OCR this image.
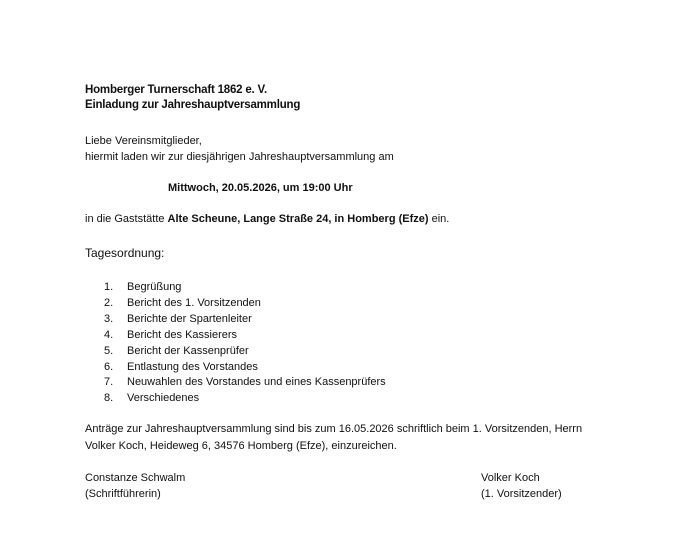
Homberger Turnerschaft 1862 e. V.
Einladung zur Jahreshauptversammlung
Liebe Vereinsmitglieder,
hiermit laden wir zur diesjährigen Jahreshauptversammlung am
Mittwoch, 20.05.2026, um 19:00 Uhr
in die Gaststätte Alte Scheune, Lange Straße 24, in Homberg (Efze) ein.
Tagesordnung:
1.	Begrüßung
2.	Bericht des 1. Vorsitzenden
3.	Berichte der Spartenleiter
4.	Bericht des Kassierers
5.	Bericht der Kassenprüfer
6.	Entlastung des Vorstandes
7.	Neuwahlen des Vorstandes und eines Kassenprüfers
8.	Verschiedenes
Anträge zur Jahreshauptversammlung sind bis zum 16.05.2026 schriftlich beim 1. Vorsitzenden, Herrn
Volker Koch, Heideweg 6, 34576 Homberg (Efze), einzureichen.
Constanze Schwalm
(Schriftführerin)
Volker Koch
(1. Vorsitzender)
